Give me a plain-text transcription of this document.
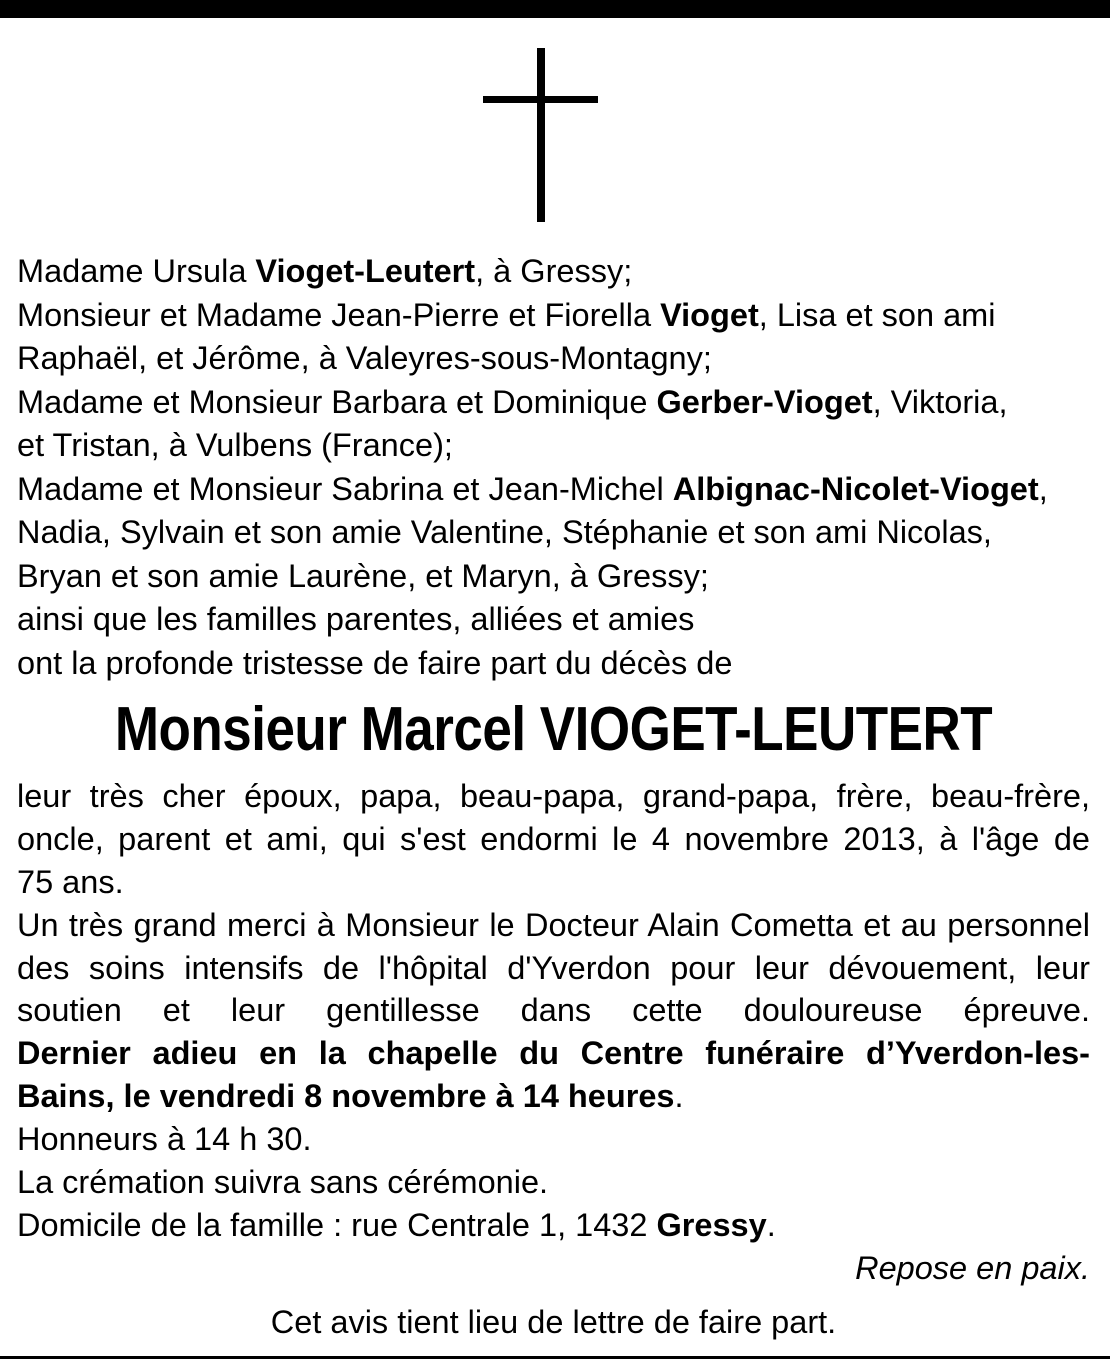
Madame Ursula Vioget-Leutert, à Gressy;
Monsieur et Madame Jean-Pierre et Fiorella Vioget, Lisa et son ami
Raphaël, et Jérôme, à Valeyres-sous-Montagny;
Madame et Monsieur Barbara et Dominique Gerber-Vioget, Viktoria,
et Tristan, à Vulbens (France);
Madame et Monsieur Sabrina et Jean-Michel Albignac-Nicolet-Vioget,
Nadia, Sylvain et son amie Valentine, Stéphanie et son ami Nicolas,
Bryan et son amie Laurène, et Maryn, à Gressy;
ainsi que les familles parentes, alliées et amies
ont la profonde tristesse de faire part du décès de
Monsieur Marcel VIOGET-LEUTERT
leur très cher époux, papa, beau-papa, grand-papa, frère, beau-frère,
oncle, parent et ami, qui s'est endormi le 4 novembre 2013, à l'âge de
75 ans.
Un très grand merci à Monsieur le Docteur Alain Cometta et au personnel
des soins intensifs de l'hôpital d'Yverdon pour leur dévouement, leur
soutien et leur gentillesse dans cette douloureuse épreuve.
Dernier adieu en la chapelle du Centre funéraire d’Yverdon-les-
Bains, le vendredi 8 novembre à 14 heures.
Honneurs à 14 h 30.
La crémation suivra sans cérémonie.
Domicile de la famille : rue Centrale 1, 1432 Gressy.
Repose en paix.
Cet avis tient lieu de lettre de faire part.
